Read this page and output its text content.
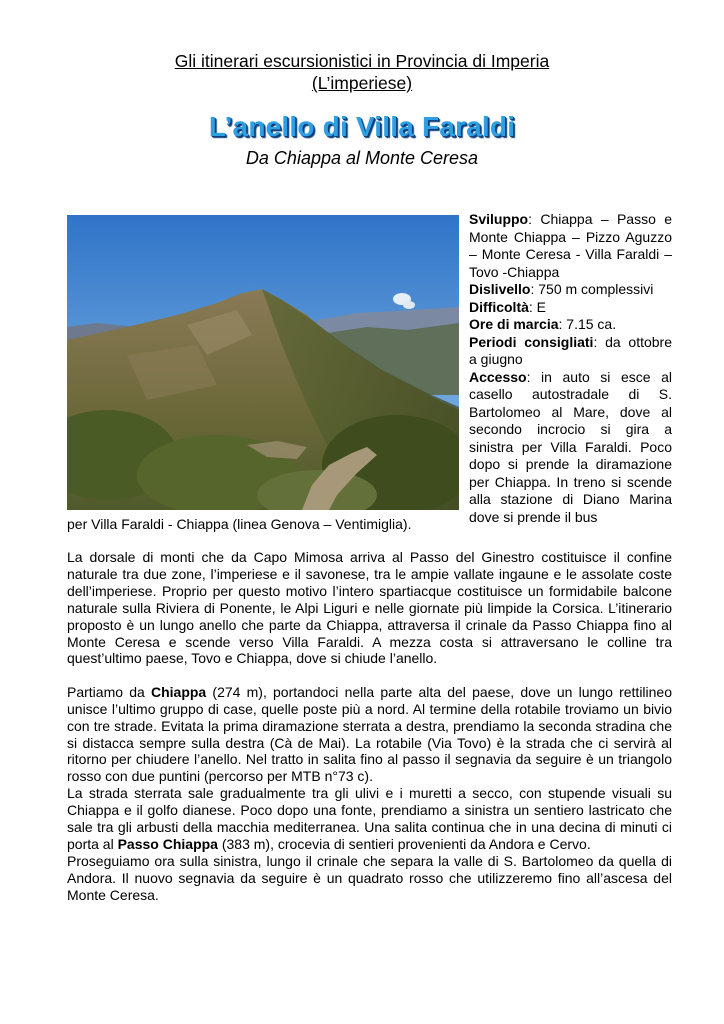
Gli itinerari escursionistici in Provincia di Imperia
(L’imperiese)
L’anello di Villa Faraldi
Da Chiappa al Monte Ceresa

Sviluppo: Chiappa – Passo e Monte Chiappa – Pizzo Aguzzo – Monte Ceresa - Villa Faraldi – Tovo -Chiappa

Dislivello: 750 m complessivi

Difficoltà: E

Ore di marcia: 7.15 ca.

Periodi consigliati: da ottobre a giugno

Accesso: in auto si esce al casello autostradale di S. Bartolomeo al Mare, dove al secondo incrocio si gira a sinistra per Villa Faraldi. Poco dopo si prende la diramazione per Chiappa. In treno si scende alla stazione di Diano Marina dove si prende il bus

per Villa Faraldi - Chiappa (linea Genova – Ventimiglia).

La dorsale di monti che da Capo Mimosa arriva al Passo del Ginestro costituisce il confine naturale tra due zone, l’imperiese e il savonese, tra le ampie vallate ingaune e le assolate coste dell’imperiese. Proprio per questo motivo l’intero spartiacque costituisce un formidabile balcone naturale sulla Riviera di Ponente, le Alpi Liguri e nelle giornate più limpide la Corsica. L’itinerario proposto è un lungo anello che parte da Chiappa, attraversa il crinale da Passo Chiappa fino al Monte Ceresa e scende verso Villa Faraldi. A mezza costa si attraversano le colline tra quest’ultimo paese, Tovo e Chiappa, dove si chiude l’anello.

Partiamo da Chiappa (274 m), portandoci nella parte alta del paese, dove un lungo rettilineo unisce l’ultimo gruppo di case, quelle poste più a nord. Al termine della rotabile troviamo un bivio con tre strade. Evitata la prima diramazione sterrata a destra, prendiamo la seconda stradina che si distacca sempre sulla destra (Cà de Mai). La rotabile (Via Tovo) è la strada che ci servirà al ritorno per chiudere l’anello. Nel tratto in salita fino al passo il segnavia da seguire è un triangolo rosso con due puntini (percorso per MTB n°73 c).

La strada sterrata sale gradualmente tra gli ulivi e i muretti a secco, con stupende visuali su Chiappa e il golfo dianese. Poco dopo una fonte, prendiamo a sinistra un sentiero lastricato che sale tra gli arbusti della macchia mediterranea. Una salita continua che in una decina di minuti ci porta al Passo Chiappa (383 m), crocevia di sentieri provenienti da Andora e Cervo.

Proseguiamo ora sulla sinistra, lungo il crinale che separa la valle di S. Bartolomeo da quella di Andora. Il nuovo segnavia da seguire è un quadrato rosso che utilizzeremo fino all’ascesa del Monte Ceresa.
